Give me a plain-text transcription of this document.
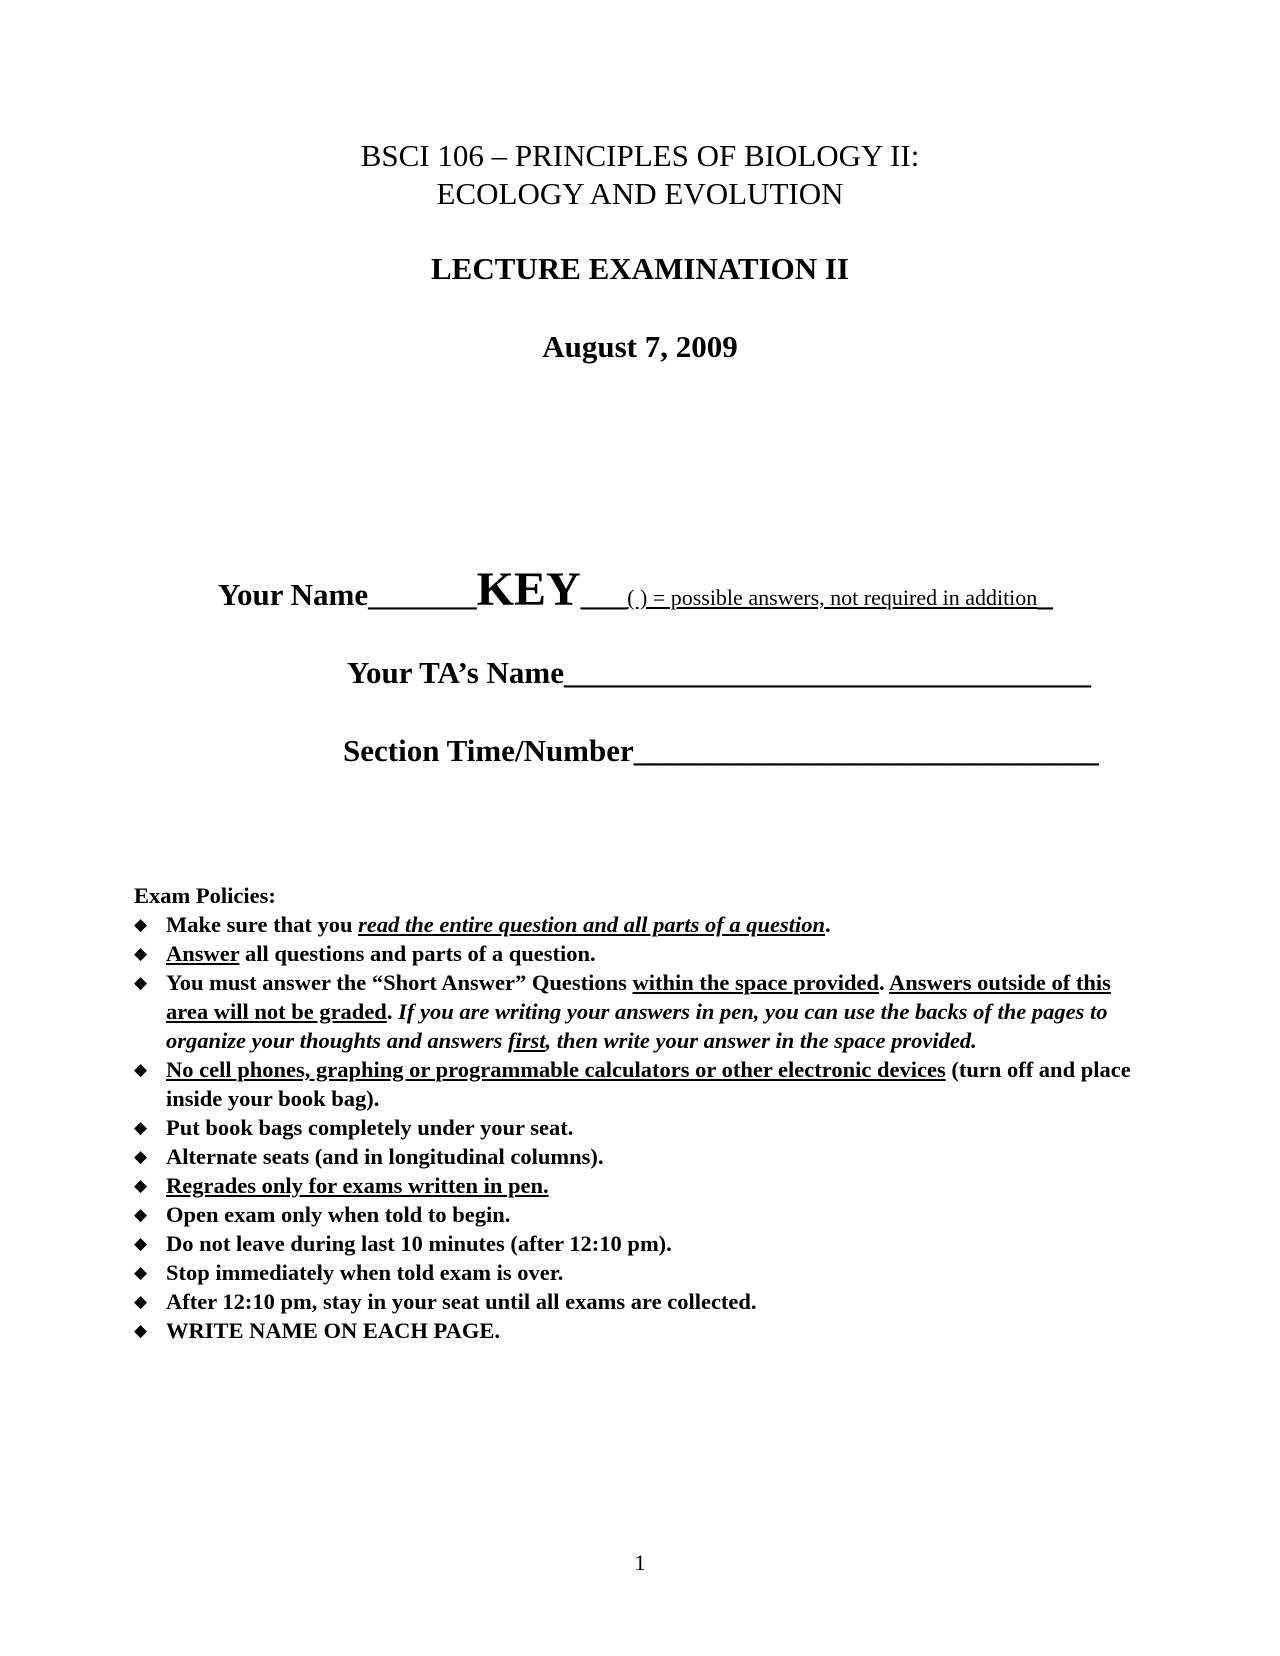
BSCI 106 – PRINCIPLES OF BIOLOGY II:
ECOLOGY AND EVOLUTION
LECTURE EXAMINATION II
August 7, 2009
Your Name_______KEY___( ) = possible answers, not required in addition_
Your TA’s Name__________________________________
Section Time/Number______________________________
Exam Policies:
◆ Make sure that you read the entire question and all parts of a question.
◆ Answer all questions and parts of a question.
◆ You must answer the “Short Answer” Questions within the space provided. Answers outside of this area will not be graded. If you are writing your answers in pen, you can use the backs of the pages to organize your thoughts and answers first, then write your answer in the space provided.
◆ No cell phones, graphing or programmable calculators or other electronic devices (turn off and place inside your book bag).
◆ Put book bags completely under your seat.
◆ Alternate seats (and in longitudinal columns).
◆ Regrades only for exams written in pen.
◆ Open exam only when told to begin.
◆ Do not leave during last 10 minutes (after 12:10 pm).
◆ Stop immediately when told exam is over.
◆ After 12:10 pm, stay in your seat until all exams are collected.
◆ WRITE NAME ON EACH PAGE.
1
